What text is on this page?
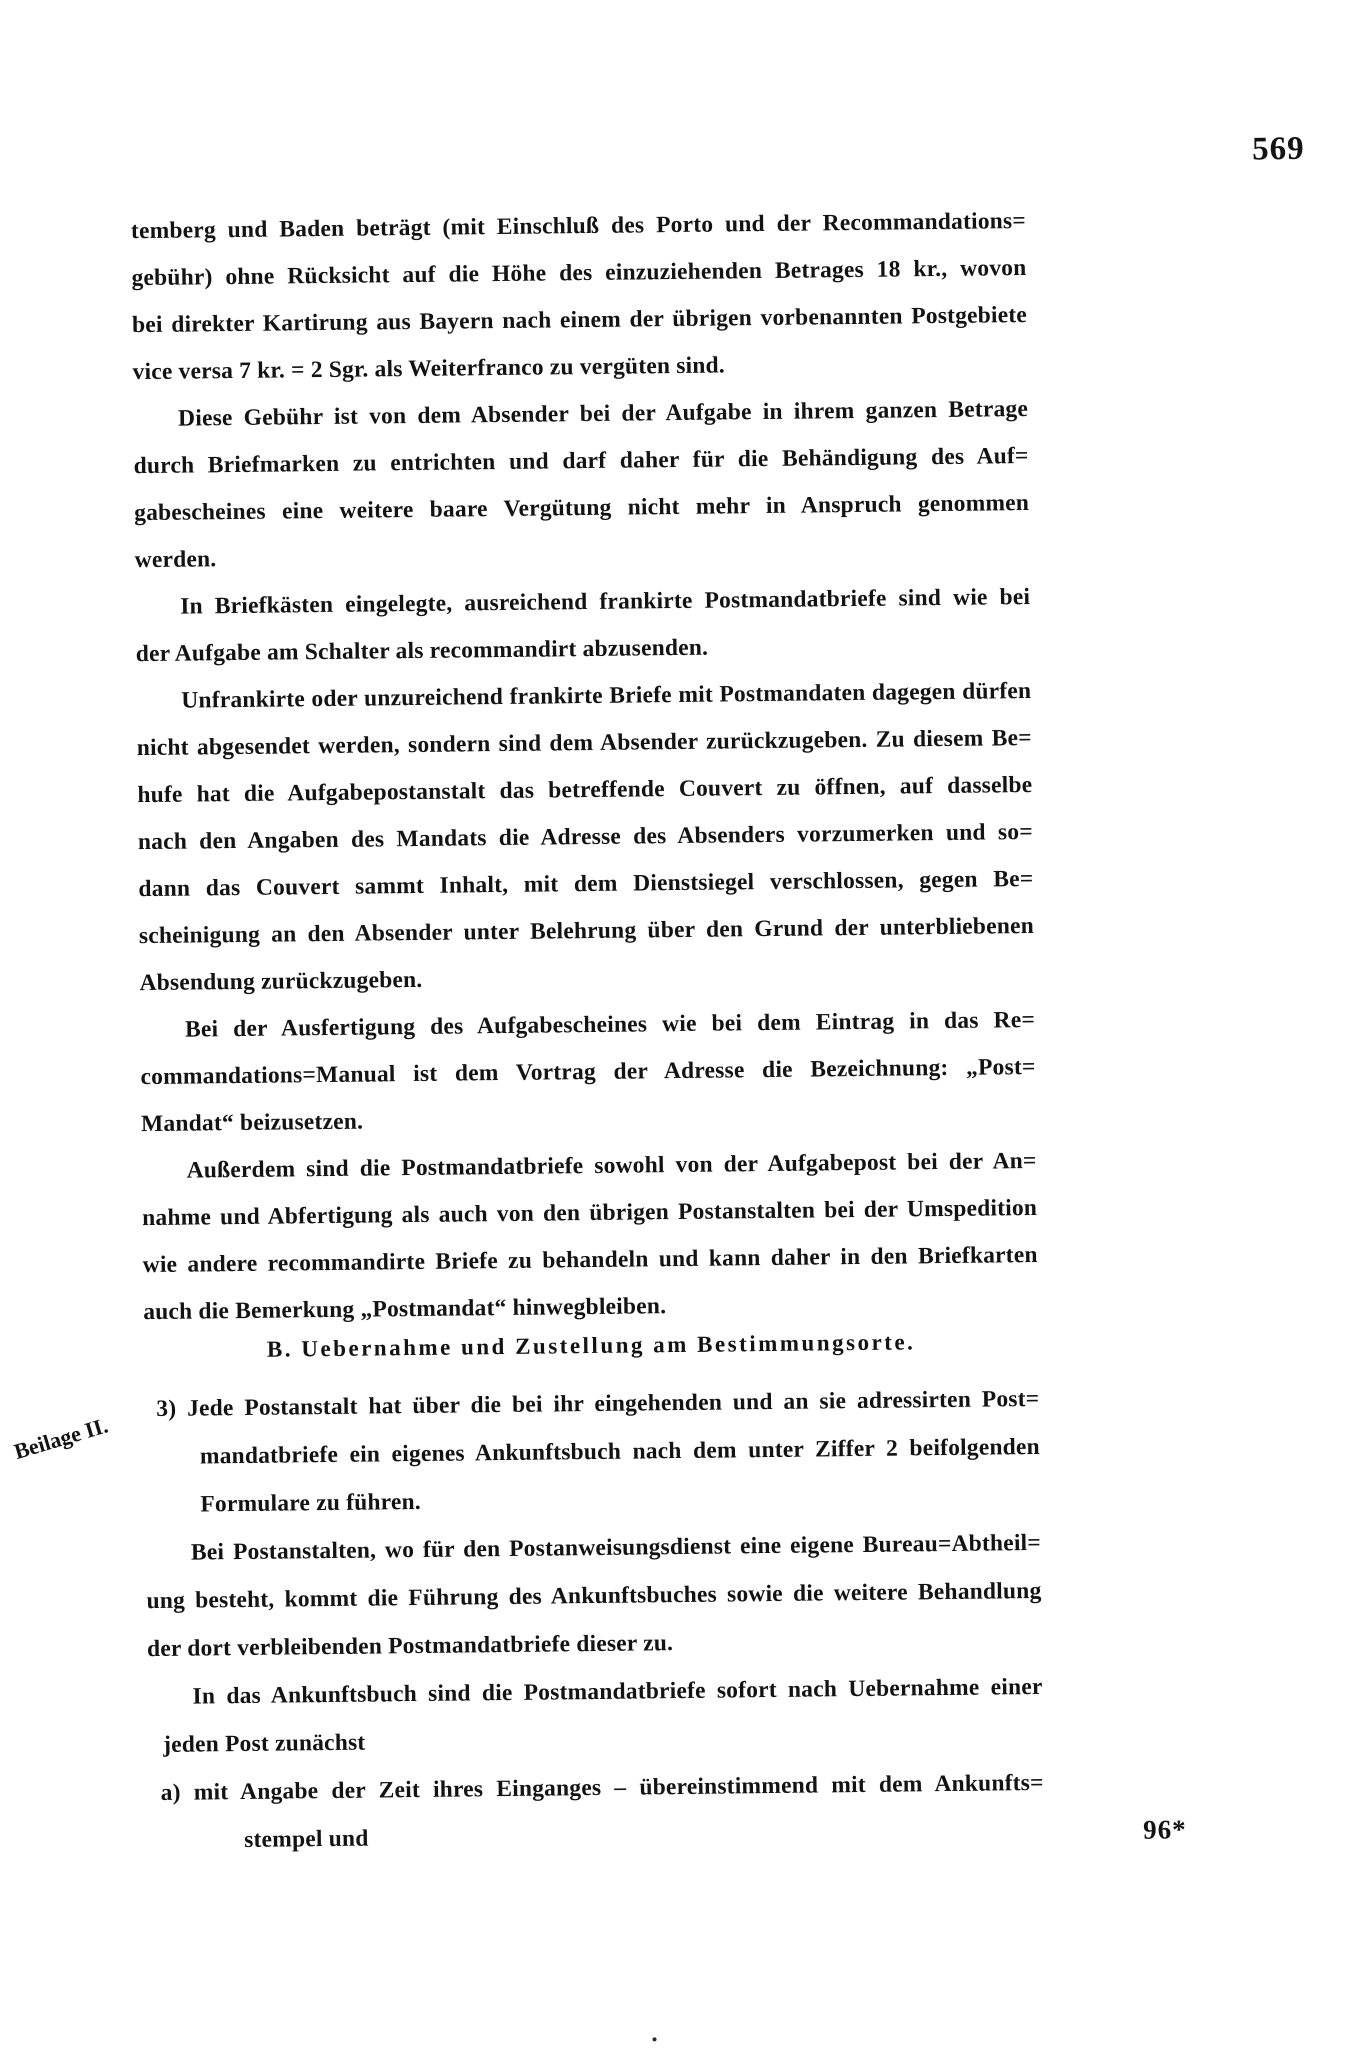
569
temberg und Baden beträgt (mit Einschluß des Porto und der Recommandations=
gebühr) ohne Rücksicht auf die Höhe des einzuziehenden Betrages 18 kr., wovon
bei direkter Kartirung aus Bayern nach einem der übrigen vorbenannten Postgebiete
vice versa 7 kr. = 2 Sgr. als Weiterfranco zu vergüten sind.
Diese Gebühr ist von dem Absender bei der Aufgabe in ihrem ganzen Betrage
durch Briefmarken zu entrichten und darf daher für die Behändigung des Auf=
gabescheines eine weitere baare Vergütung nicht mehr in Anspruch genommen
werden.
In Briefkästen eingelegte, ausreichend frankirte Postmandatbriefe sind wie bei
der Aufgabe am Schalter als recommandirt abzusenden.
Unfrankirte oder unzureichend frankirte Briefe mit Postmandaten dagegen dürfen
nicht abgesendet werden, sondern sind dem Absender zurückzugeben. Zu diesem Be=
hufe hat die Aufgabepostanstalt das betreffende Couvert zu öffnen, auf dasselbe
nach den Angaben des Mandats die Adresse des Absenders vorzumerken und so=
dann das Couvert sammt Inhalt, mit dem Dienstsiegel verschlossen, gegen Be=
scheinigung an den Absender unter Belehrung über den Grund der unterbliebenen
Absendung zurückzugeben.
Bei der Ausfertigung des Aufgabescheines wie bei dem Eintrag in das Re=
commandations=Manual ist dem Vortrag der Adresse die Bezeichnung: „Post=
Mandat“ beizusetzen.
Außerdem sind die Postmandatbriefe sowohl von der Aufgabepost bei der An=
nahme und Abfertigung als auch von den übrigen Postanstalten bei der Umspedition
wie andere recommandirte Briefe zu behandeln und kann daher in den Briefkarten
auch die Bemerkung „Postmandat“ hinwegbleiben.
B. Uebernahme und Zustellung am Bestimmungsorte.
3) Jede Postanstalt hat über die bei ihr eingehenden und an sie adressirten Post=
mandatbriefe ein eigenes Ankunftsbuch nach dem unter Ziffer 2 beifolgenden
Formulare zu führen.
Bei Postanstalten, wo für den Postanweisungsdienst eine eigene Bureau=Abtheil=
ung besteht, kommt die Führung des Ankunftsbuches sowie die weitere Behandlung
der dort verbleibenden Postmandatbriefe dieser zu.
In das Ankunftsbuch sind die Postmandatbriefe sofort nach Uebernahme einer
jeden Post zunächst
a) mit Angabe der Zeit ihres Einganges – übereinstimmend mit dem Ankunfts=
stempel und
Beilage II.
96*
